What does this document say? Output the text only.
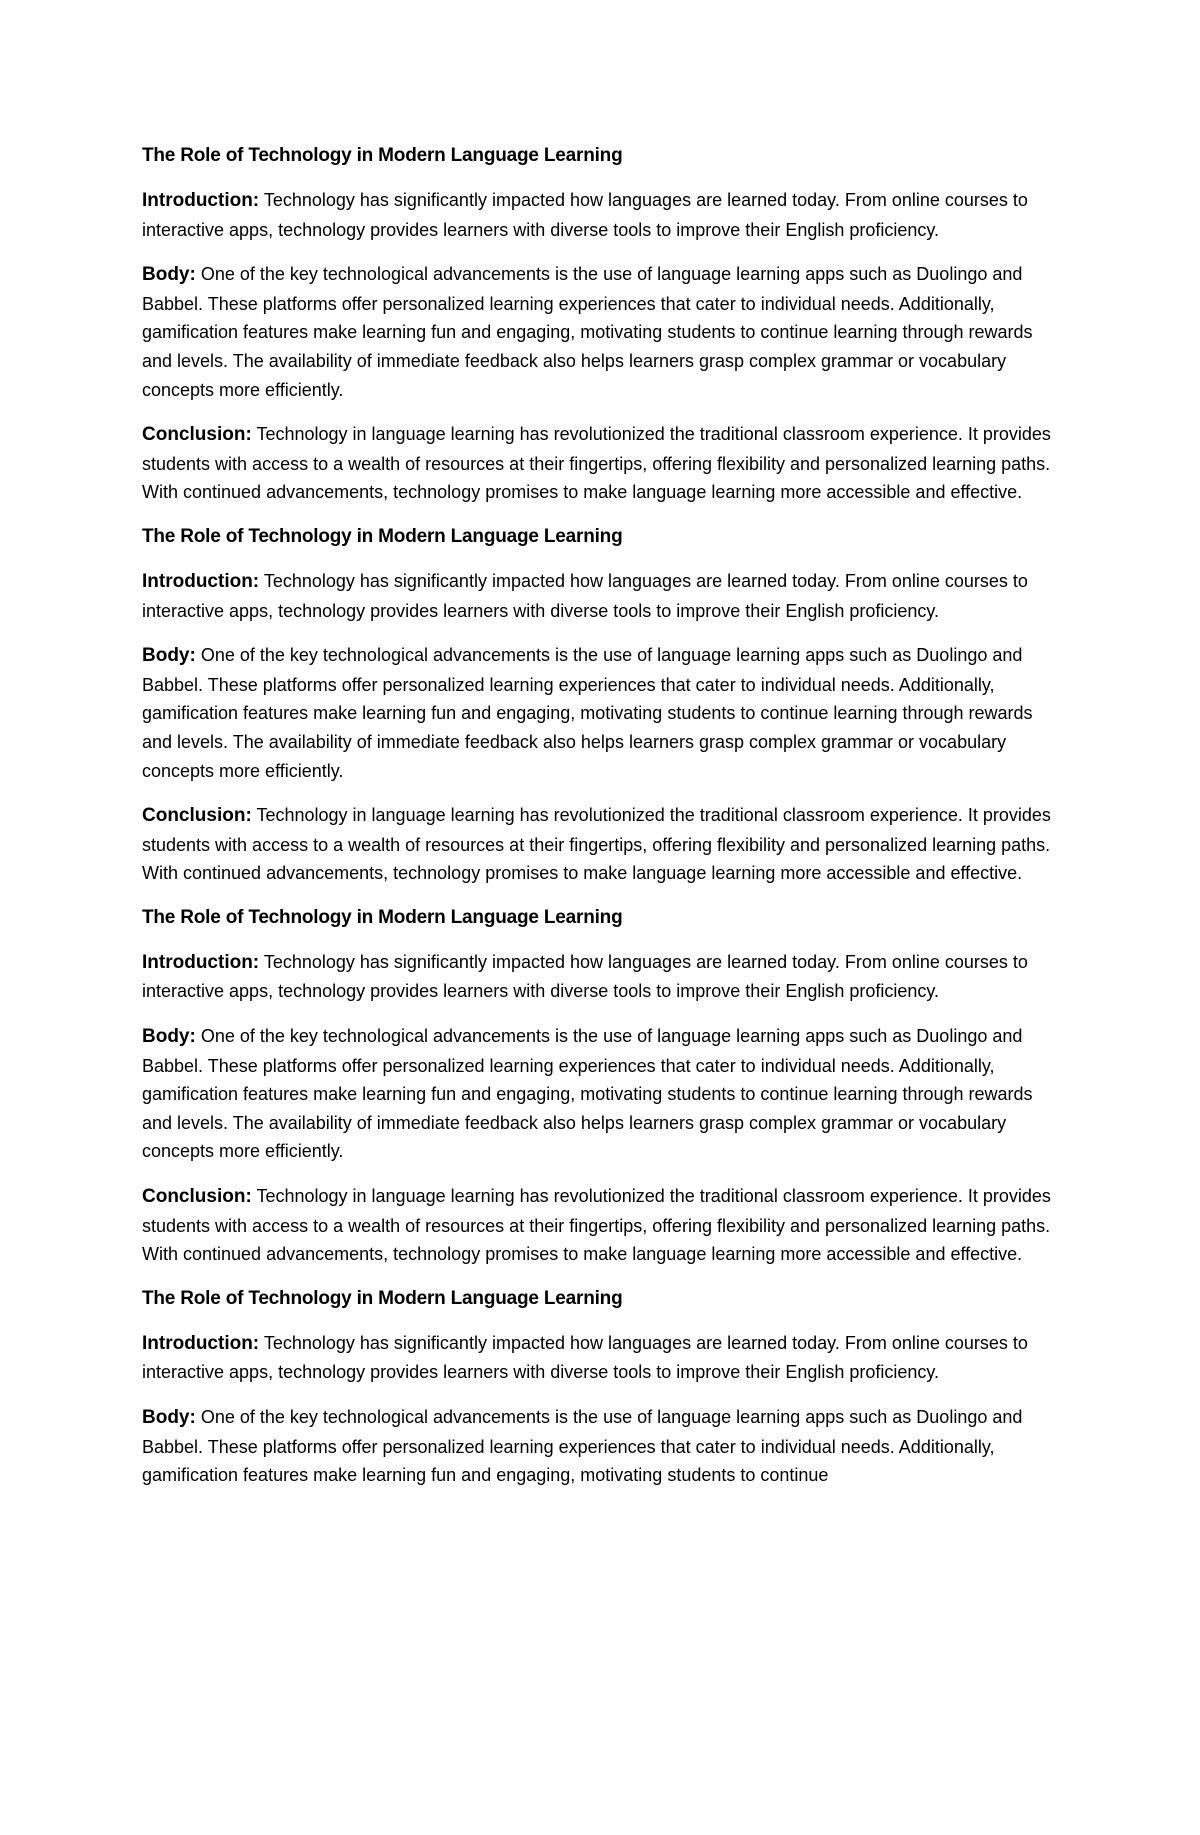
The Role of Technology in Modern Language Learning

Introduction: Technology has significantly impacted how languages are learned today. From online courses to interactive apps, technology provides learners with diverse tools to improve their English proficiency.

Body: One of the key technological advancements is the use of language learning apps such as Duolingo and Babbel. These platforms offer personalized learning experiences that cater to individual needs. Additionally, gamification features make learning fun and engaging, motivating students to continue learning through rewards and levels. The availability of immediate feedback also helps learners grasp complex grammar or vocabulary concepts more efficiently.

Conclusion: Technology in language learning has revolutionized the traditional classroom experience. It provides students with access to a wealth of resources at their fingertips, offering flexibility and personalized learning paths. With continued advancements, technology promises to make language learning more accessible and effective.

The Role of Technology in Modern Language Learning

Introduction: Technology has significantly impacted how languages are learned today. From online courses to interactive apps, technology provides learners with diverse tools to improve their English proficiency.

Body: One of the key technological advancements is the use of language learning apps such as Duolingo and Babbel. These platforms offer personalized learning experiences that cater to individual needs. Additionally, gamification features make learning fun and engaging, motivating students to continue learning through rewards and levels. The availability of immediate feedback also helps learners grasp complex grammar or vocabulary concepts more efficiently.

Conclusion: Technology in language learning has revolutionized the traditional classroom experience. It provides students with access to a wealth of resources at their fingertips, offering flexibility and personalized learning paths. With continued advancements, technology promises to make language learning more accessible and effective.

The Role of Technology in Modern Language Learning

Introduction: Technology has significantly impacted how languages are learned today. From online courses to interactive apps, technology provides learners with diverse tools to improve their English proficiency.

Body: One of the key technological advancements is the use of language learning apps such as Duolingo and Babbel. These platforms offer personalized learning experiences that cater to individual needs. Additionally, gamification features make learning fun and engaging, motivating students to continue learning through rewards and levels. The availability of immediate feedback also helps learners grasp complex grammar or vocabulary concepts more efficiently.

Conclusion: Technology in language learning has revolutionized the traditional classroom experience. It provides students with access to a wealth of resources at their fingertips, offering flexibility and personalized learning paths. With continued advancements, technology promises to make language learning more accessible and effective.

The Role of Technology in Modern Language Learning

Introduction: Technology has significantly impacted how languages are learned today. From online courses to interactive apps, technology provides learners with diverse tools to improve their English proficiency.

Body: One of the key technological advancements is the use of language learning apps such as Duolingo and Babbel. These platforms offer personalized learning experiences that cater to individual needs. Additionally, gamification features make learning fun and engaging, motivating students to continue
